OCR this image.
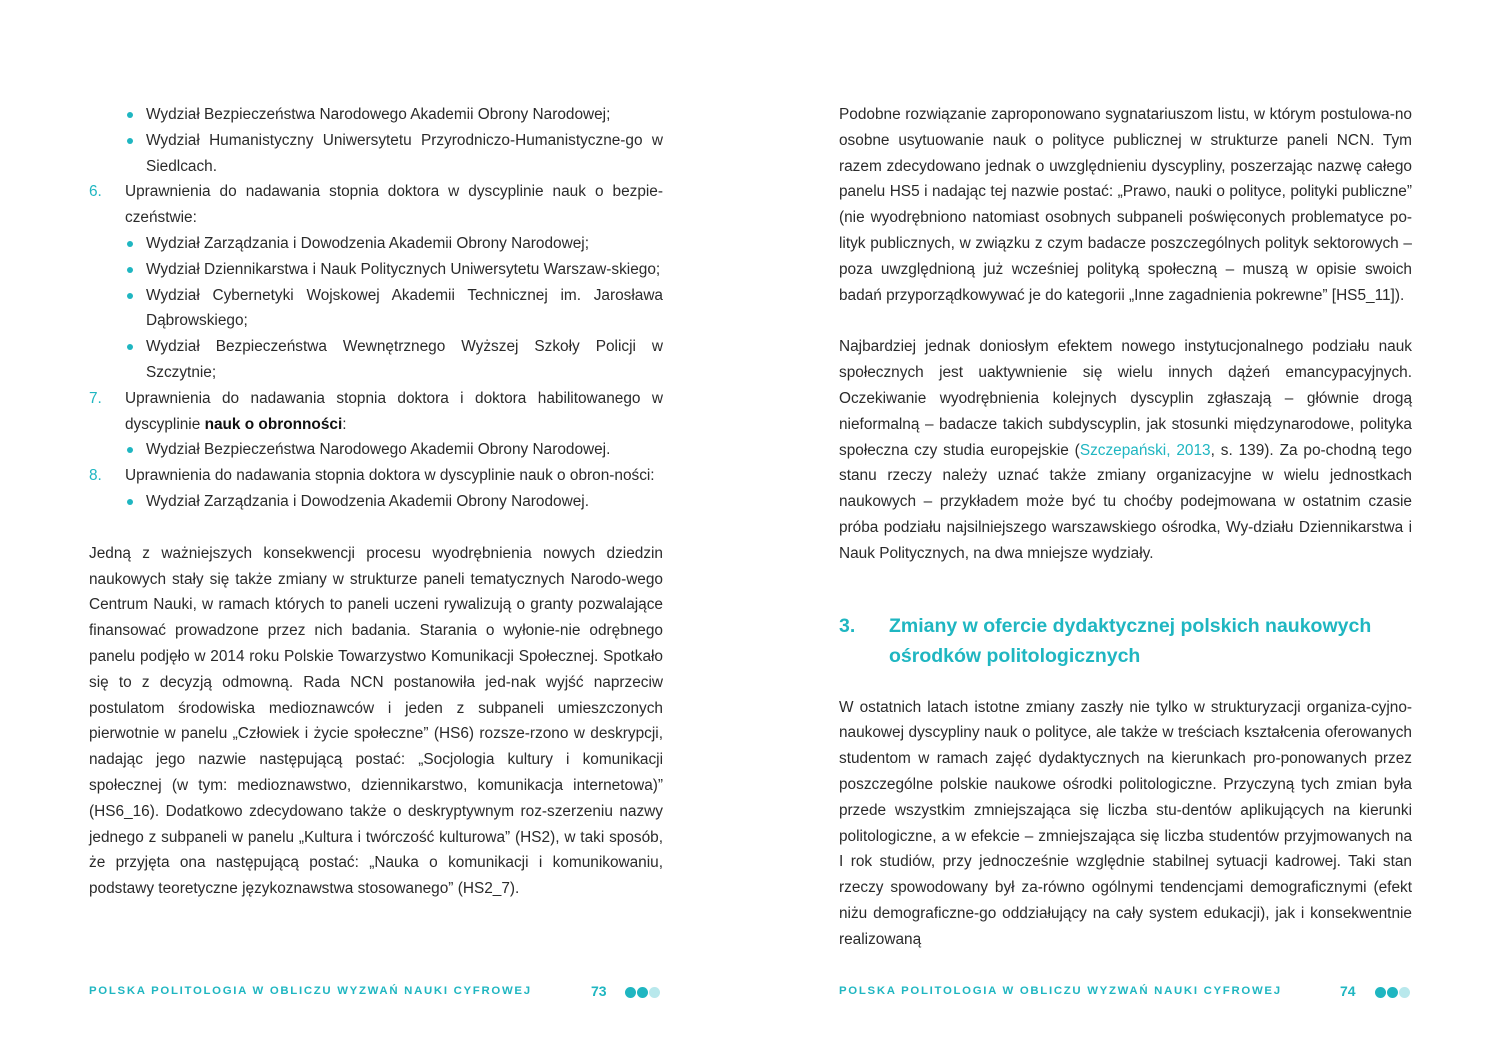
Wydział Bezpieczeństwa Narodowego Akademii Obrony Narodowej;
Wydział Humanistyczny Uniwersytetu Przyrodniczo-Humanistyczne-go w Siedlcach.
6. Uprawnienia do nadawania stopnia doktora w dyscyplinie nauk o bezpie-czeństwie:
Wydział Zarządzania i Dowodzenia Akademii Obrony Narodowej;
Wydział Dziennikarstwa i Nauk Politycznych Uniwersytetu Warszaw-skiego;
Wydział Cybernetyki Wojskowej Akademii Technicznej im. Jarosława Dąbrowskiego;
Wydział Bezpieczeństwa Wewnętrznego Wyższej Szkoły Policji w Szczytnie;
7. Uprawnienia do nadawania stopnia doktora i doktora habilitowanego w dyscyplinie nauk o obronności:
Wydział Bezpieczeństwa Narodowego Akademii Obrony Narodowej.
8. Uprawnienia do nadawania stopnia doktora w dyscyplinie nauk o obron-ności:
Wydział Zarządzania i Dowodzenia Akademii Obrony Narodowej.

Jedną z ważniejszych konsekwencji procesu wyodrębnienia nowych dziedzin naukowych stały się także zmiany w strukturze paneli tematycznych Narodo-wego Centrum Nauki, w ramach których to paneli uczeni rywalizują o granty pozwalające finansować prowadzone przez nich badania. Starania o wyłonie-nie odrębnego panelu podjęło w 2014 roku Polskie Towarzystwo Komunikacji Społecznej. Spotkało się to z decyzją odmowną. Rada NCN postanowiła jed-nak wyjść naprzeciw postulatom środowiska medioznawców i jeden z subpaneli umieszczonych pierwotnie w panelu „Człowiek i życie społeczne” (HS6) rozsze-rzono w deskrypcji, nadając jego nazwie następującą postać: „Socjologia kultury i komunikacji społecznej (w tym: medioznawstwo, dziennikarstwo, komunikacja internetowa)” (HS6_16). Dodatkowo zdecydowano także o deskryptywnym roz-szerzeniu nazwy jednego z subpaneli w panelu „Kultura i twórczość kulturowa” (HS2), w taki sposób, że przyjęta ona następującą postać: „Nauka o komunikacji i komunikowaniu, podstawy teoretyczne językoznawstwa stosowanego” (HS2_7).

POLSKA POLITOLOGIA W OBLICZU WYZWAŃ NAUKI CYFROWEJ	73

Podobne rozwiązanie zaproponowano sygnatariuszom listu, w którym postulowa-no osobne usytuowanie nauk o polityce publicznej w strukturze paneli NCN. Tym razem zdecydowano jednak o uwzględnieniu dyscypliny, poszerzając nazwę całego panelu HS5 i nadając tej nazwie postać: „Prawo, nauki o polityce, polityki publiczne” (nie wyodrębniono natomiast osobnych subpaneli poświęconych problematyce po-lityk publicznych, w związku z czym badacze poszczególnych polityk sektorowych – poza uwzględnioną już wcześniej polityką społeczną – muszą w opisie swoich badań przyporządkowywać je do kategorii „Inne zagadnienia pokrewne” [HS5_11]).

Najbardziej jednak doniosłym efektem nowego instytucjonalnego podziału nauk społecznych jest uaktywnienie się wielu innych dążeń emancypacyjnych. Oczekiwanie wyodrębnienia kolejnych dyscyplin zgłaszają – głównie drogą nieformalną – badacze takich subdyscyplin, jak stosunki międzynarodowe, polityka społeczna czy studia europejskie (Szczepański, 2013, s. 139). Za po-chodną tego stanu rzeczy należy uznać także zmiany organizacyjne w wielu jednostkach naukowych – przykładem może być tu choćby podejmowana w ostatnim czasie próba podziału najsilniejszego warszawskiego ośrodka, Wy-działu Dziennikarstwa i Nauk Politycznych, na dwa mniejsze wydziały.

3. Zmiany w ofercie dydaktycznej polskich naukowych ośrodków politologicznych

W ostatnich latach istotne zmiany zaszły nie tylko w strukturyzacji organiza-cyjno-naukowej dyscypliny nauk o polityce, ale także w treściach kształcenia oferowanych studentom w ramach zajęć dydaktycznych na kierunkach pro-ponowanych przez poszczególne polskie naukowe ośrodki politologiczne. Przyczyną tych zmian była przede wszystkim zmniejszająca się liczba stu-dentów aplikujących na kierunki politologiczne, a w efekcie – zmniejszająca się liczba studentów przyjmowanych na I rok studiów, przy jednocześnie względnie stabilnej sytuacji kadrowej. Taki stan rzeczy spowodowany był za-równo ogólnymi tendencjami demograficznymi (efekt niżu demograficzne-go oddziałujący na cały system edukacji), jak i konsekwentnie realizowaną

POLSKA POLITOLOGIA W OBLICZU WYZWAŃ NAUKI CYFROWEJ	74
